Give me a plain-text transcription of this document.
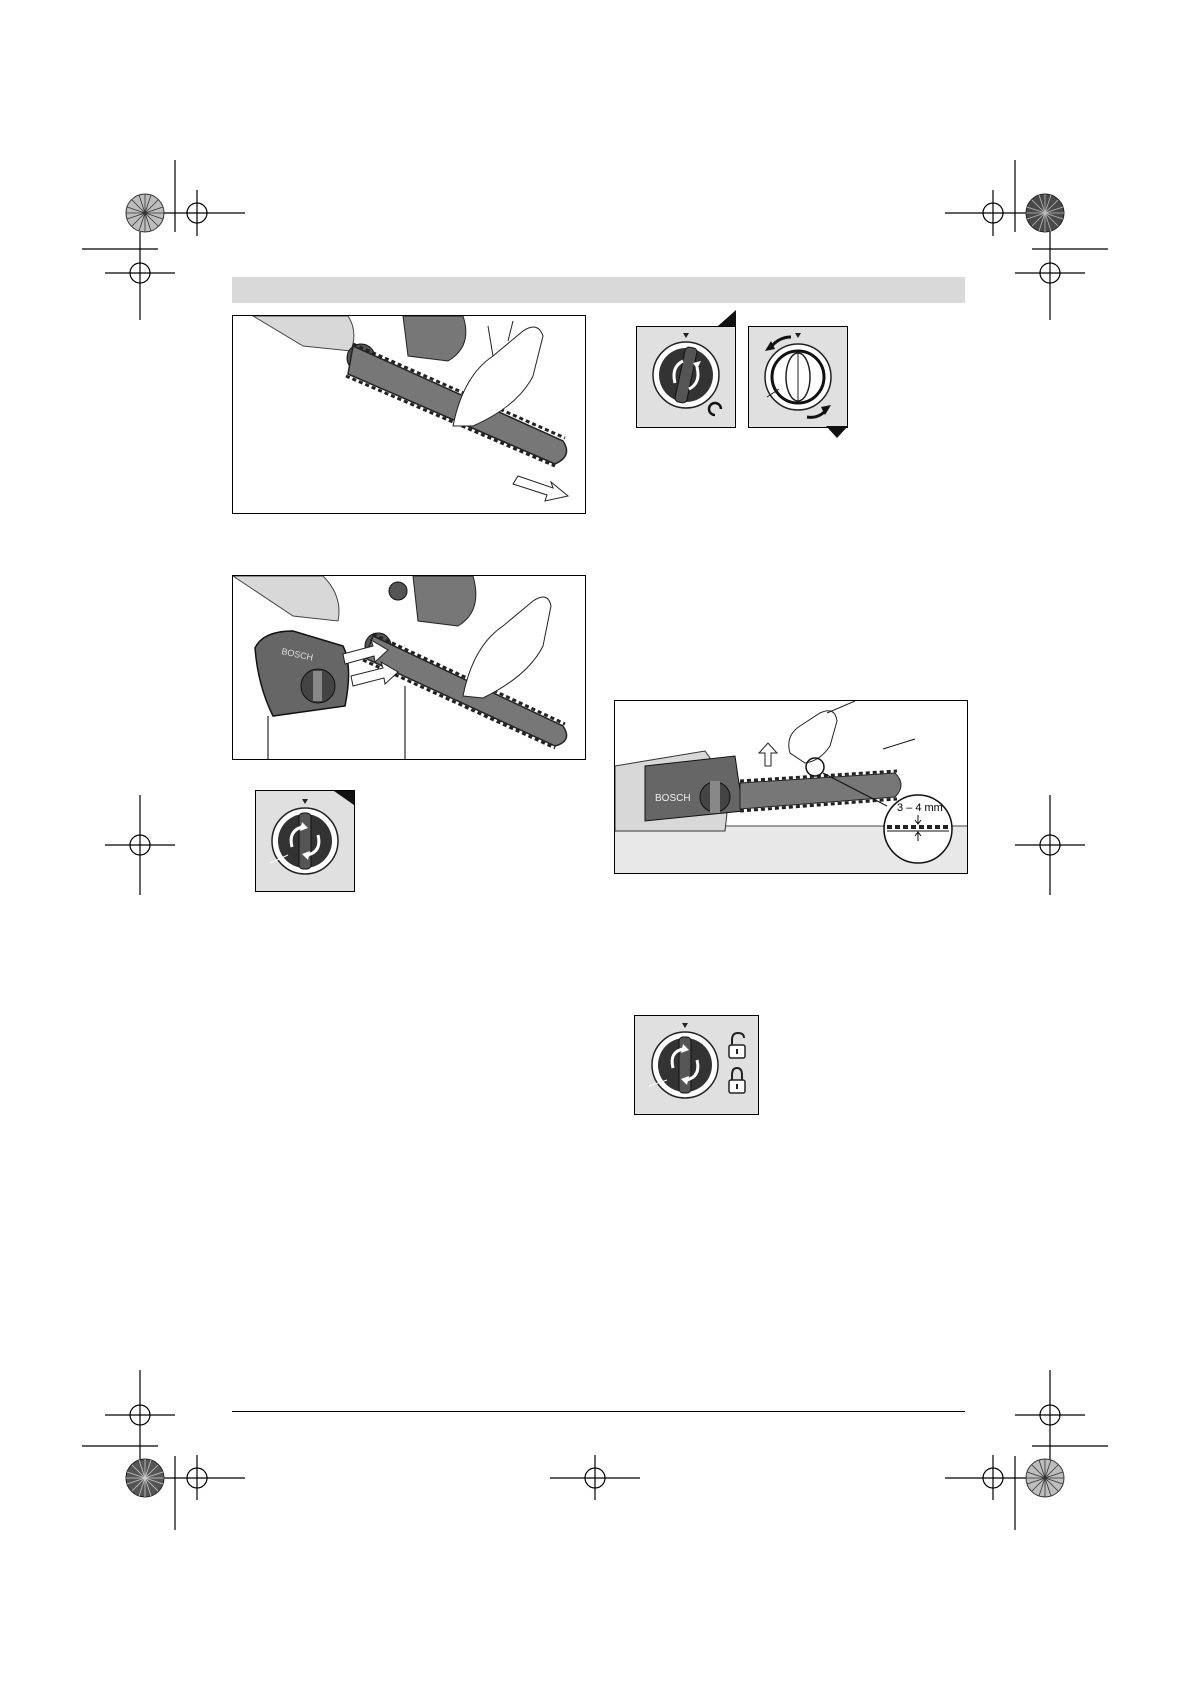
BOSCH
BOSCH
3 – 4 mm
